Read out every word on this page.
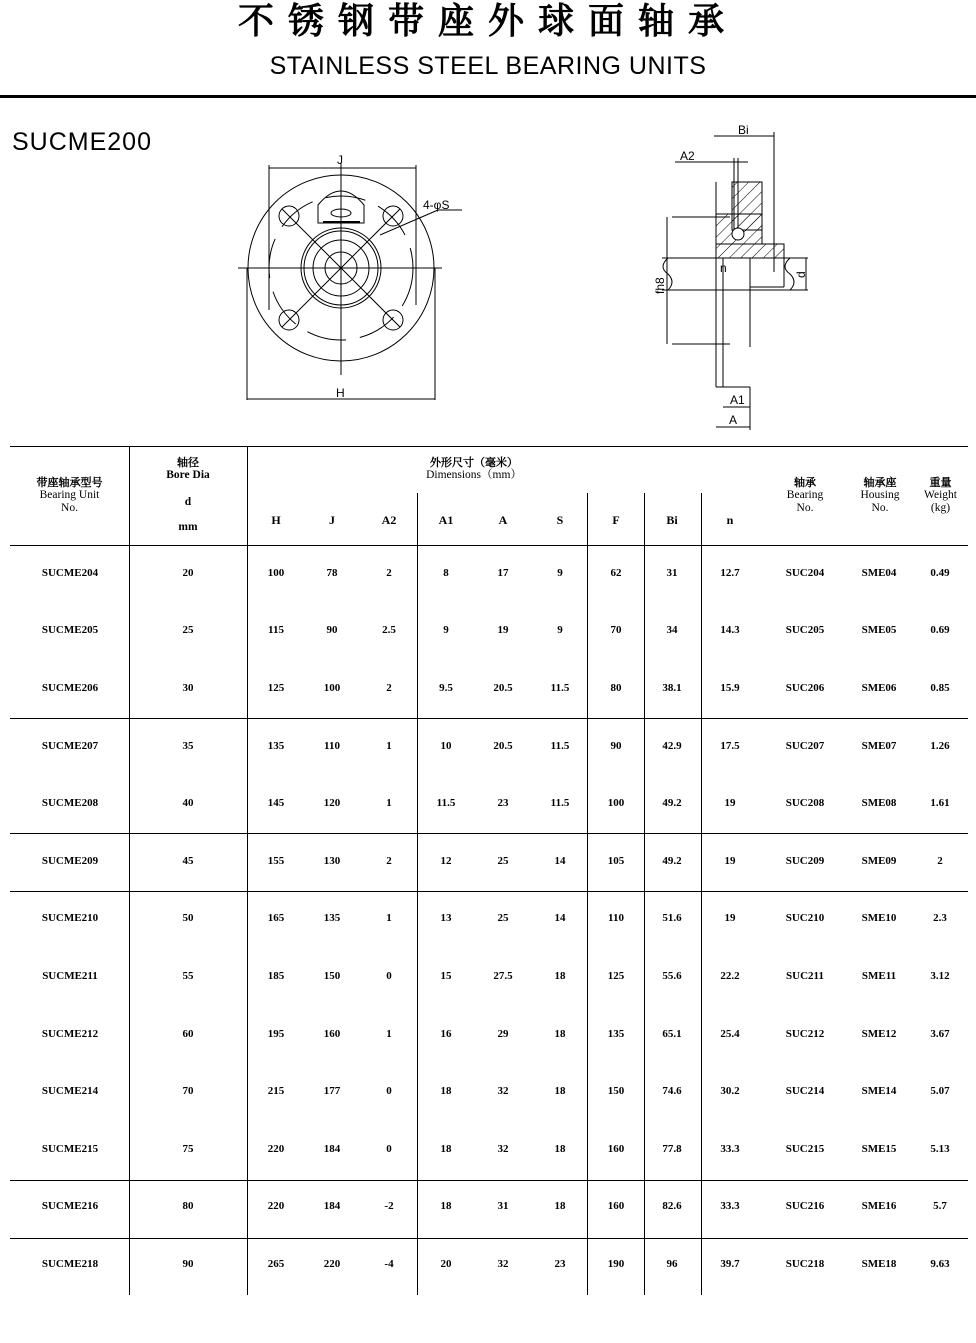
不锈钢带座外球面轴承
STAINLESS STEEL BEARING UNITS
SUCME200
J
H
4-φS
Bi
A2
fh8
n	d
A1
A
带座轴承型号
Bearing Unit
No.
轴径
Bore Dia
d
mm
外形尺寸（毫米）
Dimensions（mm）
H	J	A2	A1	A	S	F	Bi	n
轴承
Bearing
No.
轴承座
Housing
No.
重量
Weight
(kg)
SUCME204	20	100	78	2	8	17	9	62	31	12.7	SUC204	SME04	0.49
SUCME205	25	115	90	2.5	9	19	9	70	34	14.3	SUC205	SME05	0.69
SUCME206	30	125	100	2	9.5	20.5	11.5	80	38.1	15.9	SUC206	SME06	0.85
SUCME207	35	135	110	1	10	20.5	11.5	90	42.9	17.5	SUC207	SME07	1.26
SUCME208	40	145	120	1	11.5	23	11.5	100	49.2	19	SUC208	SME08	1.61
SUCME209	45	155	130	2	12	25	14	105	49.2	19	SUC209	SME09	2
SUCME210	50	165	135	1	13	25	14	110	51.6	19	SUC210	SME10	2.3
SUCME211	55	185	150	0	15	27.5	18	125	55.6	22.2	SUC211	SME11	3.12
SUCME212	60	195	160	1	16	29	18	135	65.1	25.4	SUC212	SME12	3.67
SUCME214	70	215	177	0	18	32	18	150	74.6	30.2	SUC214	SME14	5.07
SUCME215	75	220	184	0	18	32	18	160	77.8	33.3	SUC215	SME15	5.13
SUCME216	80	220	184	-2	18	31	18	160	82.6	33.3	SUC216	SME16	5.7
SUCME218	90	265	220	-4	20	32	23	190	96	39.7	SUC218	SME18	9.63
